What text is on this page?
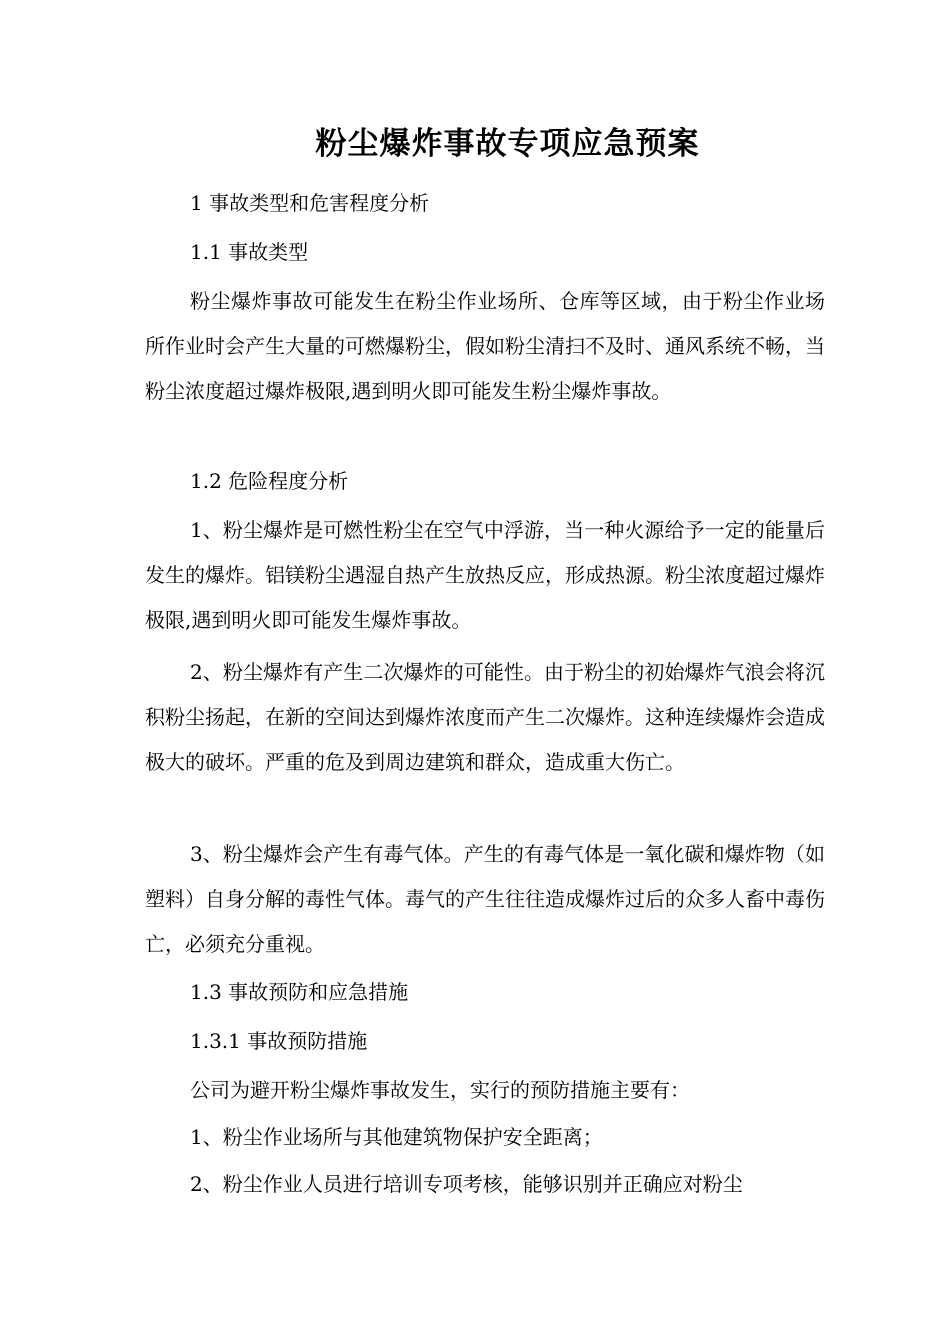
粉尘爆炸事故专项应急预案

1 事故类型和危害程度分析

1.1 事故类型

粉尘爆炸事故可能发生在粉尘作业场所、仓库等区域，由于粉尘作业场所作业时会产生大量的可燃爆粉尘，假如粉尘清扫不及时、通风系统不畅，当粉尘浓度超过爆炸极限,遇到明火即可能发生粉尘爆炸事故。

1.2 危险程度分析

1、粉尘爆炸是可燃性粉尘在空气中浮游，当一种火源给予一定的能量后发生的爆炸。铝镁粉尘遇湿自热产生放热反应，形成热源。粉尘浓度超过爆炸极限,遇到明火即可能发生爆炸事故。

2、粉尘爆炸有产生二次爆炸的可能性。由于粉尘的初始爆炸气浪会将沉积粉尘扬起，在新的空间达到爆炸浓度而产生二次爆炸。这种连续爆炸会造成极大的破坏。严重的危及到周边建筑和群众，造成重大伤亡。

3、粉尘爆炸会产生有毒气体。产生的有毒气体是一氧化碳和爆炸物（如塑料）自身分解的毒性气体。毒气的产生往往造成爆炸过后的众多人畜中毒伤亡，必须充分重视。

1.3 事故预防和应急措施

1.3.1 事故预防措施

公司为避开粉尘爆炸事故发生，实行的预防措施主要有：

1、粉尘作业场所与其他建筑物保护安全距离；

2、粉尘作业人员进行培训专项考核，能够识别并正确应对粉尘
